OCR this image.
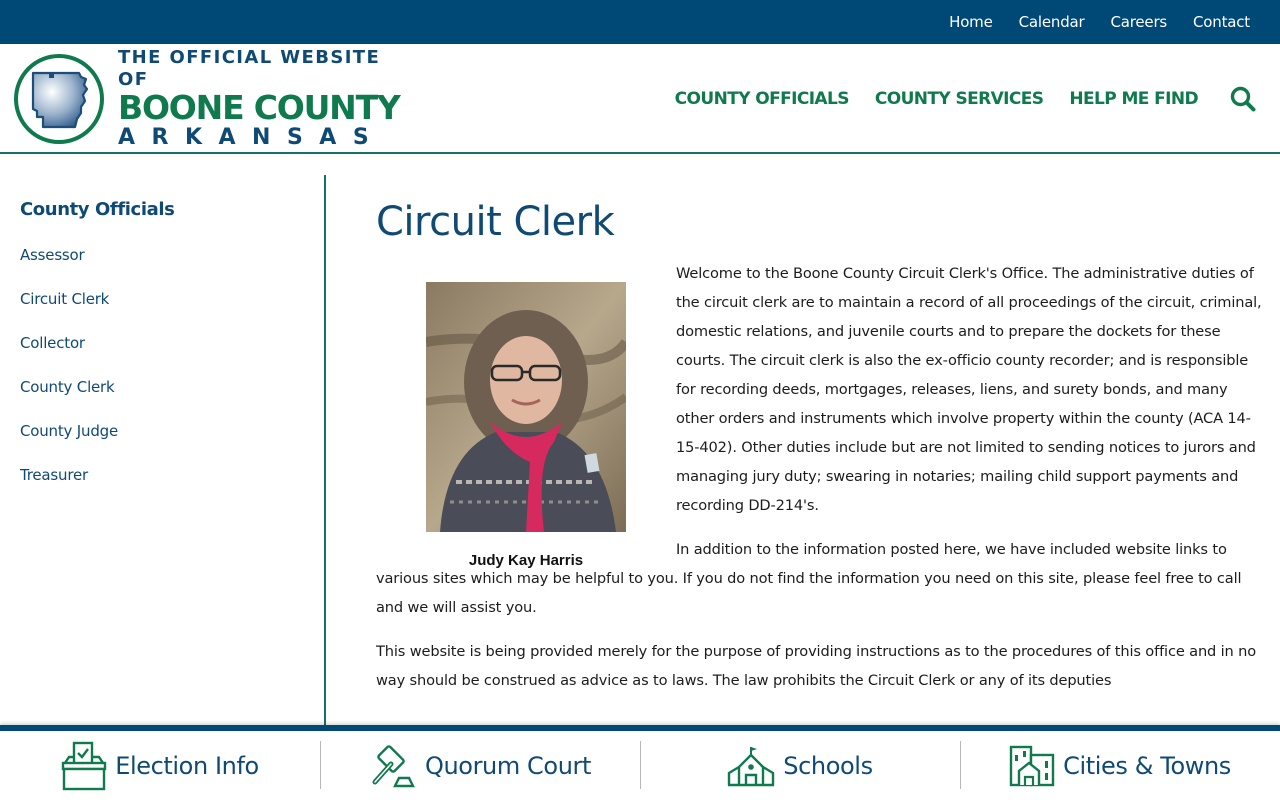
Home Calendar Careers Contact
THE OFFICIAL WEBSITE OF
BOONE COUNTY
ARKANSAS
COUNTY OFFICIALS COUNTY SERVICES HELP ME FIND
County Officials
Assessor
Circuit Clerk
Collector
County Clerk
County Judge
Treasurer
Circuit Clerk

Welcome to the Boone County Circuit Clerk's Office. The administrative duties of the circuit clerk are to maintain a record of all proceedings of the circuit, criminal, domestic relations, and juvenile courts and to prepare the dockets for these courts. The circuit clerk is also the ex-officio county recorder; and is responsible for recording deeds, mortgages, releases, liens, and surety bonds, and many other orders and instruments which involve property within the county (ACA 14-15-402). Other duties include but are not limited to sending notices to jurors and managing jury duty; swearing in notaries; mailing child support payments and recording DD-214's.

In addition to the information posted here, we have included website links to various sites which may be helpful to you. If you do not find the information you need on this site, please feel free to call and we will assist you.

This website is being provided merely for the purpose of providing instructions as to the procedures of this office and in no way should be construed as advice as to laws. The law prohibits the Circuit Clerk or any of its deputies

Judy Kay Harris
Election Info	Quorum Court	Schools	Cities & Towns
